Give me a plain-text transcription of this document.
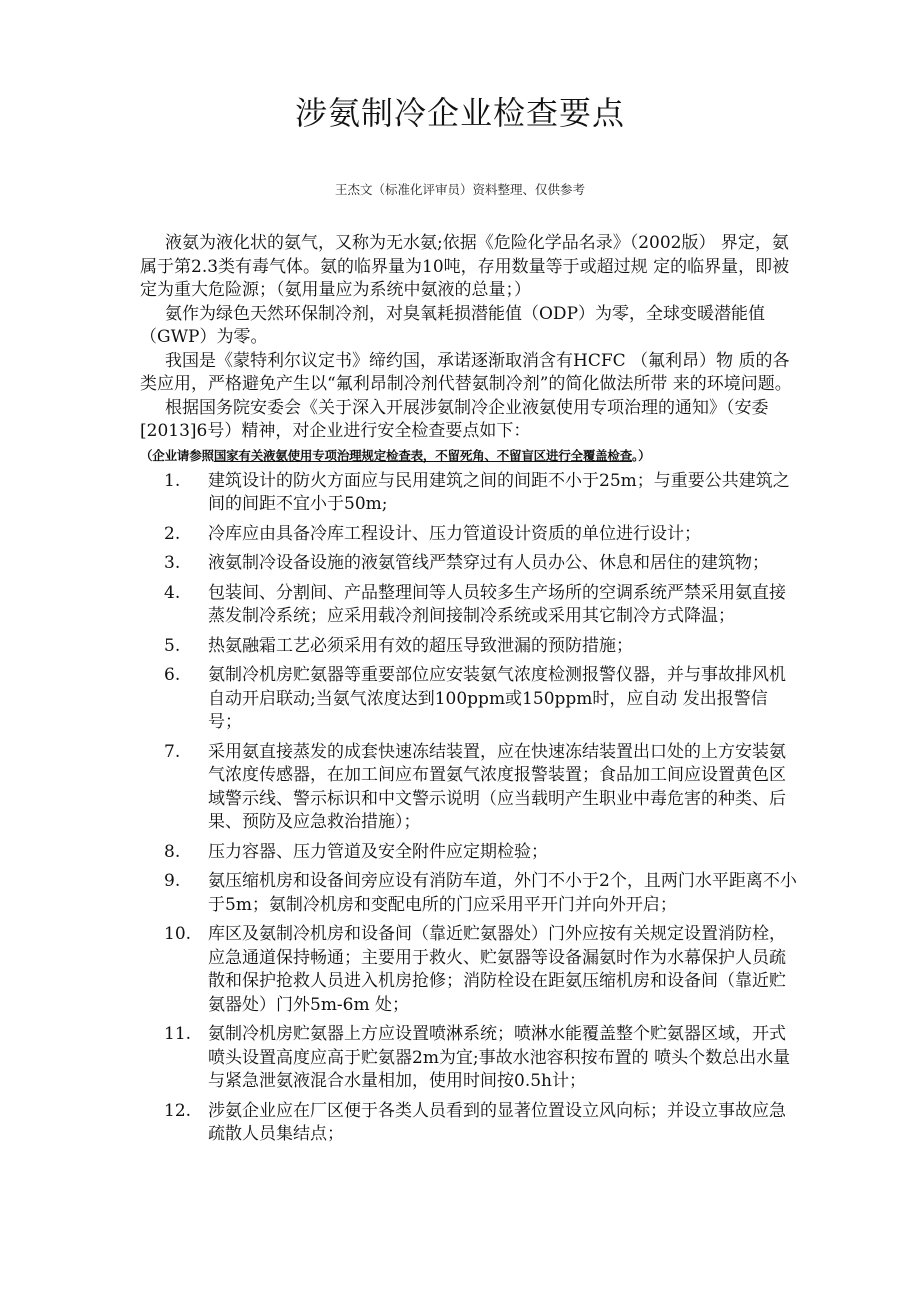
涉氨制冷企业检查要点
王杰文（标准化评审员）资料整理、仅供参考

液氨为液化状的氨气，又称为无水氨;依据《危险化学品名录》（2002版） 界定，氨属于第2.3类有毒气体。氨的临界量为10吨，存用数量等于或超过规 定的临界量，即被定为重大危险源；（氨用量应为系统中氨液的总量；）

氨作为绿色天然环保制冷剂，对臭氧耗损潜能值（ODP）为零，全球变暖潜能值（GWP）为零。

我国是《蒙特利尔议定书》缔约国，承诺逐渐取消含有HCFC （氟利昂）物 质的各类应用，严格避免产生以“氟利昂制冷剂代替氨制冷剂”的简化做法所带 来的环境问题。

根据国务院安委会《关于深入开展涉氨制冷企业液氨使用专项治理的通知》（安委[2013]6号）精神，对企业进行安全检查要点如下：

（企业请参照国家有关液氨使用专项治理规定检查表，不留死角、不留盲区进行全覆盖检查。）

1.	建筑设计的防火方面应与民用建筑之间的间距不小于25m；与重要公共建筑之间的间距不宜小于50m;
2.	冷库应由具备冷库工程设计、压力管道设计资质的单位进行设计；
3.	液氨制冷设备设施的液氨管线严禁穿过有人员办公、休息和居住的建筑物；
4.	包装间、分割间、产品整理间等人员较多生产场所的空调系统严禁采用氨直接蒸发制冷系统；应采用载冷剂间接制冷系统或采用其它制冷方式降温；
5.	热氨融霜工艺必须采用有效的超压导致泄漏的预防措施；
6.	氨制冷机房贮氨器等重要部位应安装氨气浓度检测报警仪器，并与事故排风机自动开启联动;当氨气浓度达到100ppm或150ppm时，应自动 发出报警信号；
7.	采用氨直接蒸发的成套快速冻结装置，应在快速冻结装置出口处的上方安装氨气浓度传感器，在加工间应布置氨气浓度报警装置；食品加工间应设置黄色区域警示线、警示标识和中文警示说明（应当载明产生职业中毒危害的种类、后果、预防及应急救治措施）；
8.	压力容器、压力管道及安全附件应定期检验；
9.	氨压缩机房和设备间旁应设有消防车道，外门不小于2个，且两门水平距离不小于5m；氨制冷机房和变配电所的门应采用平开门并向外开启；
10. 库区及氨制冷机房和设备间（靠近贮氨器处）门外应按有关规定设置消防栓，应急通道保持畅通；主要用于救火、贮氨器等设备漏氨时作为水幕保护人员疏散和保护抢救人员进入机房抢修；消防栓设在距氨压缩机房和设备间（靠近贮氨器处）门外5m-6m 处；
11. 氨制冷机房贮氨器上方应设置喷淋系统；喷淋水能覆盖整个贮氨器区域，开式喷头设置高度应高于贮氨器2m为宜;事故水池容积按布置的 喷头个数总出水量与紧急泄氨液混合水量相加，使用时间按0.5h计；
12. 涉氨企业应在厂区便于各类人员看到的显著位置设立风向标；并设立事故应急疏散人员集结点；
